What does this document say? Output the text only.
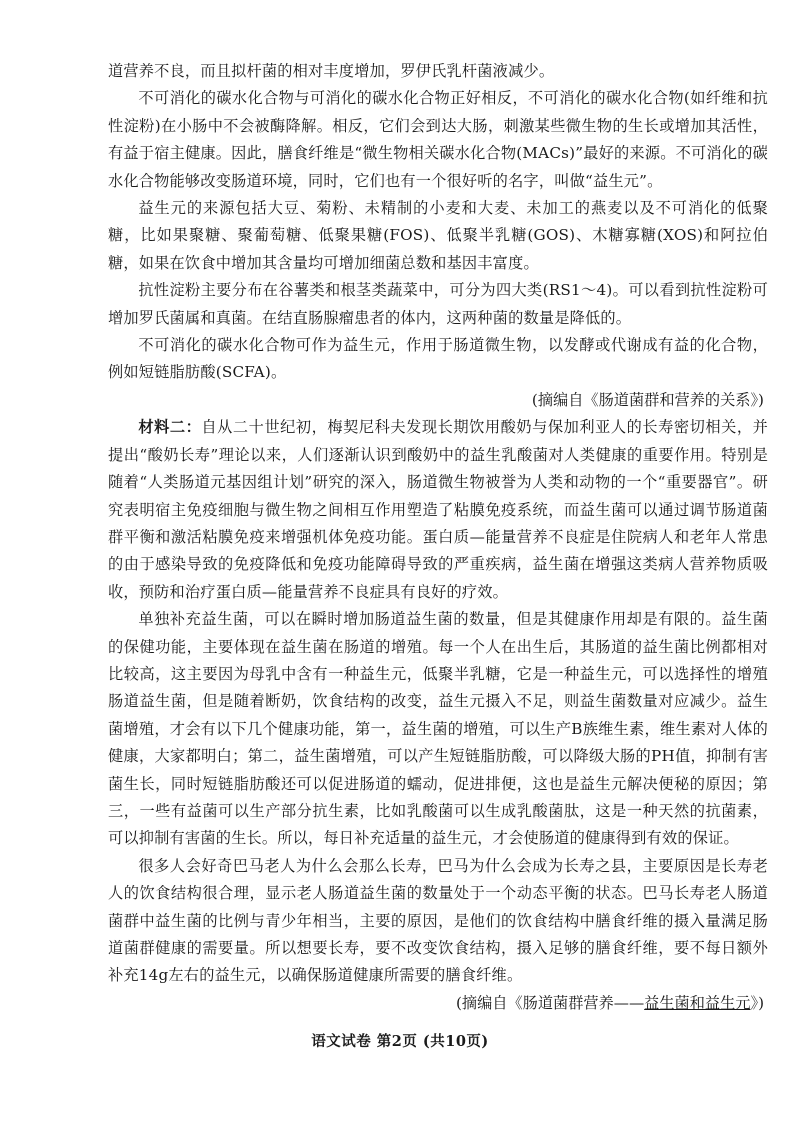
道营养不良，而且拟杆菌的相对丰度增加，罗伊氏乳杆菌液减少。

不可消化的碳水化合物与可消化的碳水化合物正好相反，不可消化的碳水化合物(如纤维和抗性淀粉)在小肠中不会被酶降解。相反，它们会到达大肠，刺激某些微生物的生长或增加其活性，有益于宿主健康。因此，膳食纤维是“微生物相关碳水化合物(MACs)”最好的来源。不可消化的碳水化合物能够改变肠道环境，同时，它们也有一个很好听的名字，叫做“益生元”。

益生元的来源包括大豆、菊粉、未精制的小麦和大麦、未加工的燕麦以及不可消化的低聚糖，比如果聚糖、聚葡萄糖、低聚果糖(FOS)、低聚半乳糖(GOS)、木糖寡糖(XOS)和阿拉伯糖，如果在饮食中增加其含量均可增加细菌总数和基因丰富度。

抗性淀粉主要分布在谷薯类和根茎类蔬菜中，可分为四大类(RS1～4)。可以看到抗性淀粉可增加罗氏菌属和真菌。在结直肠腺瘤患者的体内，这两种菌的数量是降低的。

不可消化的碳水化合物可作为益生元，作用于肠道微生物，以发酵或代谢成有益的化合物，例如短链脂肪酸(SCFA)。

(摘编自《肠道菌群和营养的关系》)

材料二：自从二十世纪初，梅契尼科夫发现长期饮用酸奶与保加利亚人的长寿密切相关，并提出“酸奶长寿”理论以来，人们逐渐认识到酸奶中的益生乳酸菌对人类健康的重要作用。特别是随着“人类肠道元基因组计划”研究的深入，肠道微生物被誉为人类和动物的一个“重要器官”。研究表明宿主免疫细胞与微生物之间相互作用塑造了粘膜免疫系统，而益生菌可以通过调节肠道菌群平衡和激活粘膜免疫来增强机体免疫功能。蛋白质—能量营养不良症是住院病人和老年人常患的由于感染导致的免疫降低和免疫功能障碍导致的严重疾病，益生菌在增强这类病人营养物质吸收，预防和治疗蛋白质—能量营养不良症具有良好的疗效。

单独补充益生菌，可以在瞬时增加肠道益生菌的数量，但是其健康作用却是有限的。益生菌的保健功能，主要体现在益生菌在肠道的增殖。每一个人在出生后，其肠道的益生菌比例都相对比较高，这主要因为母乳中含有一种益生元，低聚半乳糖，它是一种益生元，可以选择性的增殖肠道益生菌，但是随着断奶，饮食结构的改变，益生元摄入不足，则益生菌数量对应减少。益生菌增殖，才会有以下几个健康功能，第一，益生菌的增殖，可以生产B族维生素，维生素对人体的健康，大家都明白；第二，益生菌增殖，可以产生短链脂肪酸，可以降级大肠的PH值，抑制有害菌生长，同时短链脂肪酸还可以促进肠道的蠕动，促进排便，这也是益生元解决便秘的原因；第三，一些有益菌可以生产部分抗生素，比如乳酸菌可以生成乳酸菌肽，这是一种天然的抗菌素，可以抑制有害菌的生长。所以，每日补充适量的益生元，才会使肠道的健康得到有效的保证。

很多人会好奇巴马老人为什么会那么长寿，巴马为什么会成为长寿之县，主要原因是长寿老人的饮食结构很合理，显示老人肠道益生菌的数量处于一个动态平衡的状态。巴马长寿老人肠道菌群中益生菌的比例与青少年相当，主要的原因，是他们的饮食结构中膳食纤维的摄入量满足肠道菌群健康的需要量。所以想要长寿，要不改变饮食结构，摄入足够的膳食纤维，要不每日额外补充14g左右的益生元，以确保肠道健康所需要的膳食纤维。

(摘编自《肠道菌群营养——益生菌和益生元》)

语文试卷 第2页 (共10页)
